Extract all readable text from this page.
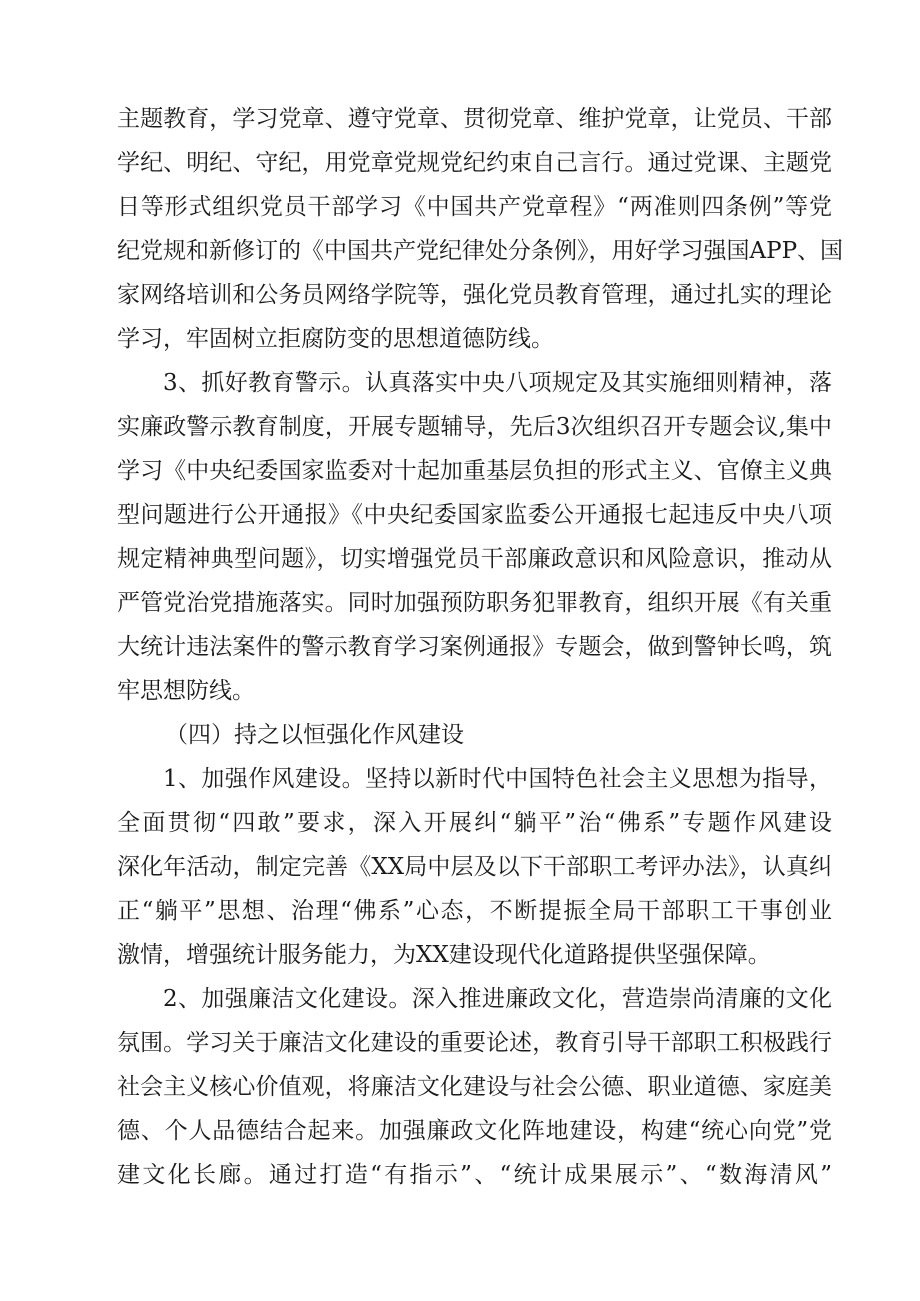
主题教育，学习党章、遵守党章、贯彻党章、维护党章，让党员、干部
学纪、明纪、守纪，用党章党规党纪约束自己言行。通过党课、主题党
日等形式组织党员干部学习《中国共产党章程》“两准则四条例”等党
纪党规和新修订的《中国共产党纪律处分条例》，用好学习强国APP、国
家网络培训和公务员网络学院等，强化党员教育管理，通过扎实的理论
学习，牢固树立拒腐防变的思想道德防线。
3、抓好教育警示。认真落实中央八项规定及其实施细则精神，落
实廉政警示教育制度，开展专题辅导，先后3次组织召开专题会议,集中
学习《中央纪委国家监委对十起加重基层负担的形式主义、官僚主义典
型问题进行公开通报》《中央纪委国家监委公开通报七起违反中央八项
规定精神典型问题》，切实增强党员干部廉政意识和风险意识，推动从
严管党治党措施落实。同时加强预防职务犯罪教育，组织开展《有关重
大统计违法案件的警示教育学习案例通报》专题会，做到警钟长鸣，筑
牢思想防线。
（四）持之以恒强化作风建设
1、加强作风建设。坚持以新时代中国特色社会主义思想为指导，
全面贯彻“四敢”要求，深入开展纠“躺平”治“佛系”专题作风建设
深化年活动，制定完善《XX局中层及以下干部职工考评办法》，认真纠
正“躺平”思想、治理“佛系”心态，不断提振全局干部职工干事创业
激情，增强统计服务能力，为XX建设现代化道路提供坚强保障。
2、加强廉洁文化建设。深入推进廉政文化，营造崇尚清廉的文化
氛围。学习关于廉洁文化建设的重要论述，教育引导干部职工积极践行
社会主义核心价值观，将廉洁文化建设与社会公德、职业道德、家庭美
德、个人品德结合起来。加强廉政文化阵地建设，构建“统心向党”党
建文化长廊。通过打造“有指示”、“统计成果展示”、“数海清风”
